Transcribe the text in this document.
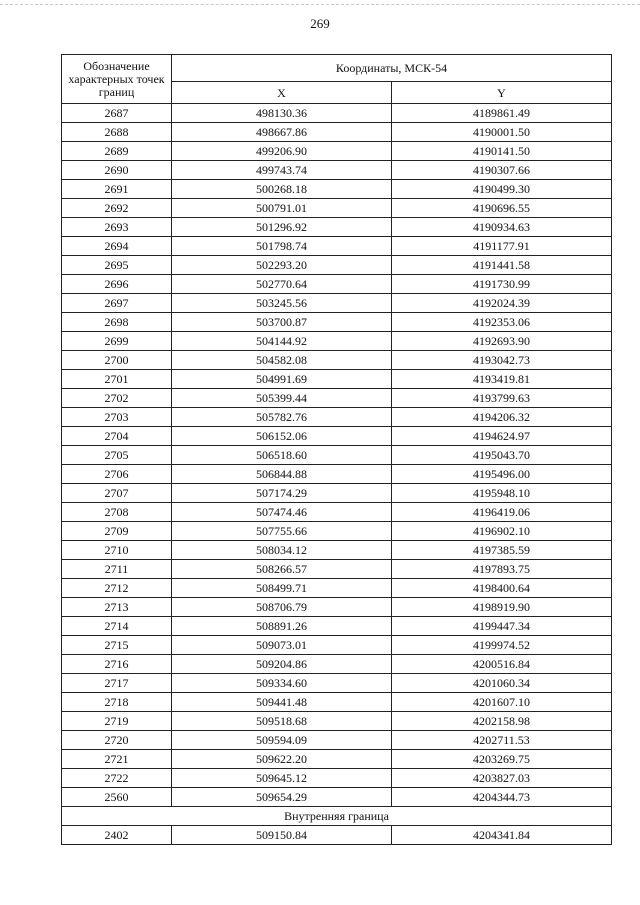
269
Обозначение характерных точек границ	Координаты, МСК-54	
	X	Y
2687	498130.36	4189861.49
2688	498667.86	4190001.50
2689	499206.90	4190141.50
2690	499743.74	4190307.66
2691	500268.18	4190499.30
2692	500791.01	4190696.55
2693	501296.92	4190934.63
2694	501798.74	4191177.91
2695	502293.20	4191441.58
2696	502770.64	4191730.99
2697	503245.56	4192024.39
2698	503700.87	4192353.06
2699	504144.92	4192693.90
2700	504582.08	4193042.73
2701	504991.69	4193419.81
2702	505399.44	4193799.63
2703	505782.76	4194206.32
2704	506152.06	4194624.97
2705	506518.60	4195043.70
2706	506844.88	4195496.00
2707	507174.29	4195948.10
2708	507474.46	4196419.06
2709	507755.66	4196902.10
2710	508034.12	4197385.59
2711	508266.57	4197893.75
2712	508499.71	4198400.64
2713	508706.79	4198919.90
2714	508891.26	4199447.34
2715	509073.01	4199974.52
2716	509204.86	4200516.84
2717	509334.60	4201060.34
2718	509441.48	4201607.10
2719	509518.68	4202158.98
2720	509594.09	4202711.53
2721	509622.20	4203269.75
2722	509645.12	4203827.03
2560	509654.29	4204344.73
Внутренняя граница		
2402	509150.84	4204341.84
